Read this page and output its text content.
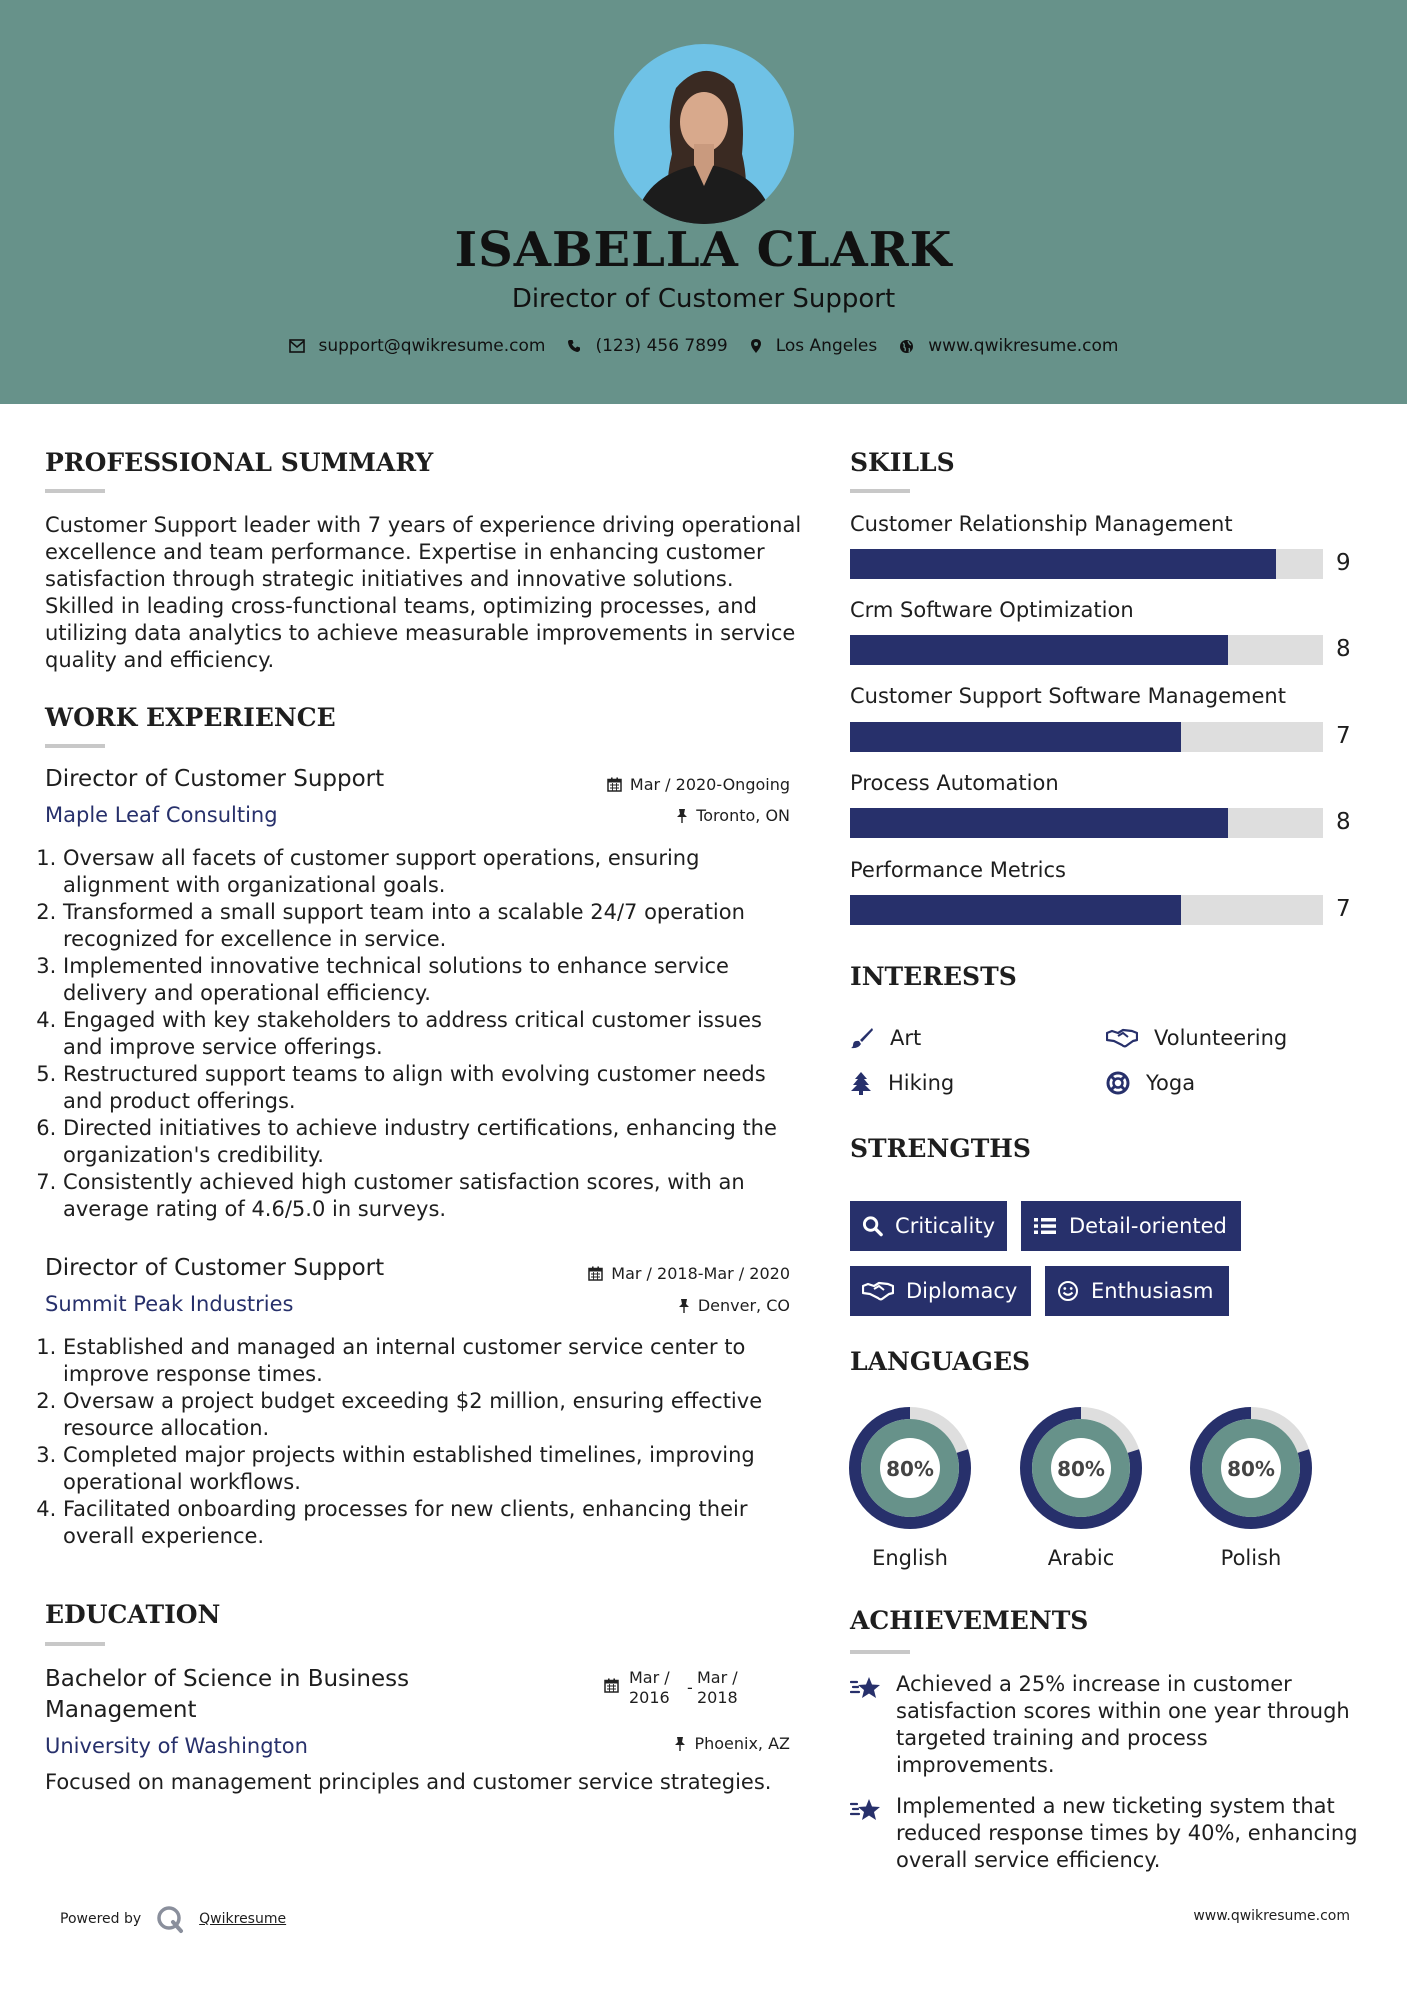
ISABELLA CLARK
Director of Customer Support
support@qwikresume.com	(123) 456 7899	Los Angeles	www.qwikresume.com
PROFESSIONAL SUMMARY
Customer Support leader with 7 years of experience driving operational excellence and team performance. Expertise in enhancing customer satisfaction through strategic initiatives and innovative solutions. Skilled in leading cross-functional teams, optimizing processes, and utilizing data analytics to achieve measurable improvements in service quality and efficiency.
WORK EXPERIENCE
Director of Customer Support	Mar / 2020-Ongoing
Maple Leaf Consulting	Toronto, ON
1. Oversaw all facets of customer support operations, ensuring alignment with organizational goals.
2. Transformed a small support team into a scalable 24/7 operation recognized for excellence in service.
3. Implemented innovative technical solutions to enhance service delivery and operational efficiency.
4. Engaged with key stakeholders to address critical customer issues and improve service offerings.
5. Restructured support teams to align with evolving customer needs and product offerings.
6. Directed initiatives to achieve industry certifications, enhancing the organization's credibility.
7. Consistently achieved high customer satisfaction scores, with an average rating of 4.6/5.0 in surveys.
Director of Customer Support	Mar / 2018-Mar / 2020
Summit Peak Industries	Denver, CO
1. Established and managed an internal customer service center to improve response times.
2. Oversaw a project budget exceeding $2 million, ensuring effective resource allocation.
3. Completed major projects within established timelines, improving operational workflows.
4. Facilitated onboarding processes for new clients, enhancing their overall experience.
EDUCATION
Bachelor of Science in Business Management
Mar /
2016
-
Mar /
2018
University of Washington	Phoenix, AZ
Focused on management principles and customer service strategies.
SKILLS
Customer Relationship Management
9
Crm Software Optimization
8
Customer Support Software Management
7
Process Automation
8
Performance Metrics
7
INTERESTS
Art	Volunteering
Hiking	Yoga
STRENGTHS
Criticality	Detail-oriented
Diplomacy	Enthusiasm
LANGUAGES
80%
English
80%
Arabic
80%
Polish
ACHIEVEMENTS
Achieved a 25% increase in customer satisfaction scores within one year through targeted training and process improvements.
Implemented a new ticketing system that reduced response times by 40%, enhancing overall service efficiency.
Powered by	Qwikresume	www.qwikresume.com
